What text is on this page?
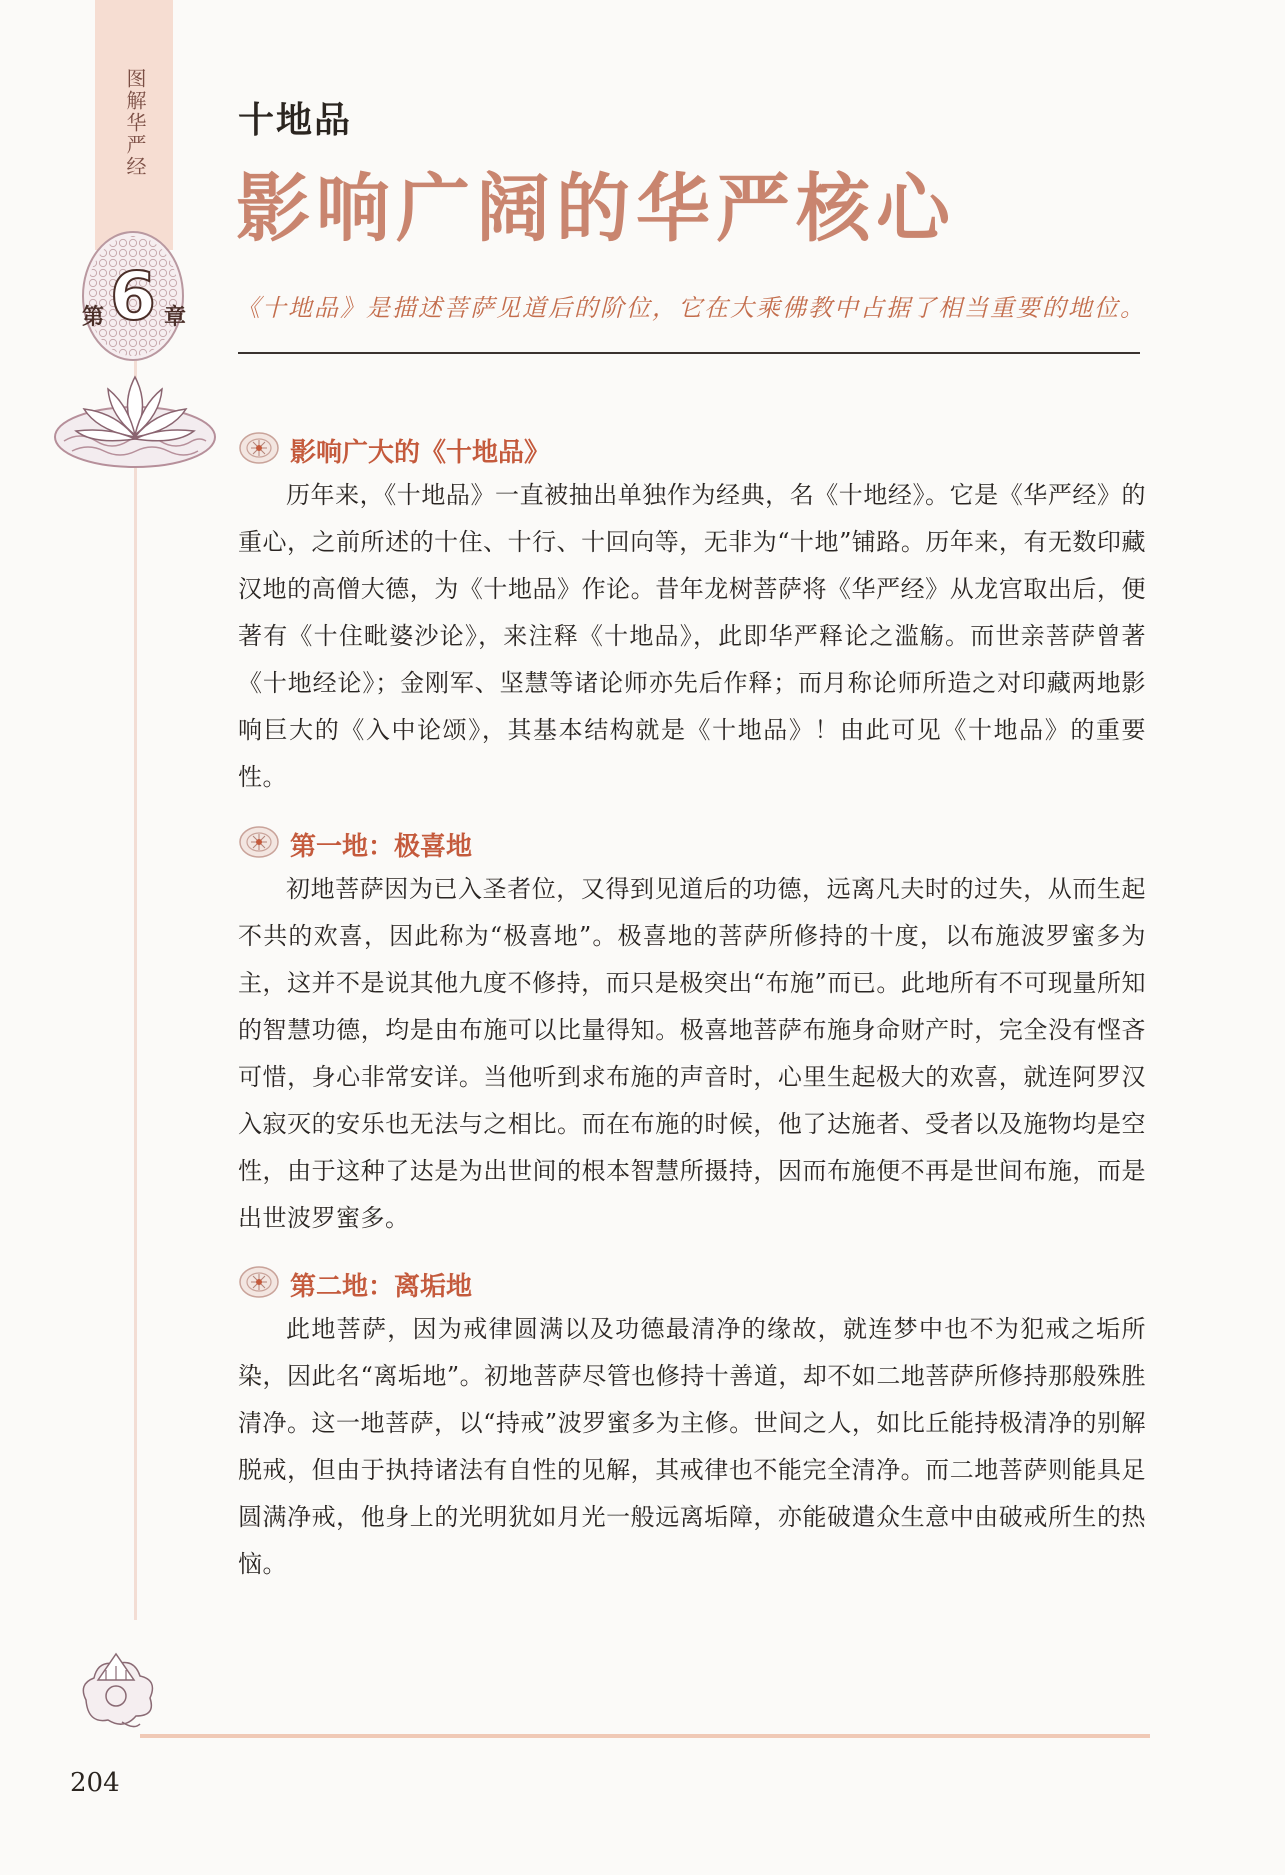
图解华严经
第 6 章
十地品
影响广阔的华严核心
《十地品》是描述菩萨见道后的阶位，它在大乘佛教中占据了相当重要的地位。
影响广大的《十地品》

历年来，《十地品》一直被抽出单独作为经典，名《十地经》。它是《华严经》的重心，之前所述的十住、十行、十回向等，无非为“十地”铺路。历年来，有无数印藏汉地的高僧大德，为《十地品》作论。昔年龙树菩萨将《华严经》从龙宫取出后，便著有《十住毗婆沙论》，来注释《十地品》，此即华严释论之滥觞。而世亲菩萨曾著《十地经论》；金刚军、坚慧等诸论师亦先后作释；而月称论师所造之对印藏两地影响巨大的《入中论颂》，其基本结构就是《十地品》！由此可见《十地品》的重要性。

第一地：极喜地

初地菩萨因为已入圣者位，又得到见道后的功德，远离凡夫时的过失，从而生起不共的欢喜，因此称为“极喜地”。极喜地的菩萨所修持的十度，以布施波罗蜜多为主，这并不是说其他九度不修持，而只是极突出“布施”而已。此地所有不可现量所知的智慧功德，均是由布施可以比量得知。极喜地菩萨布施身命财产时，完全没有悭吝可惜，身心非常安详。当他听到求布施的声音时，心里生起极大的欢喜，就连阿罗汉入寂灭的安乐也无法与之相比。而在布施的时候，他了达施者、受者以及施物均是空性，由于这种了达是为出世间的根本智慧所摄持，因而布施便不再是世间布施，而是出世波罗蜜多。

第二地：离垢地

此地菩萨，因为戒律圆满以及功德最清净的缘故，就连梦中也不为犯戒之垢所染，因此名“离垢地”。初地菩萨尽管也修持十善道，却不如二地菩萨所修持那般殊胜清净。这一地菩萨，以“持戒”波罗蜜多为主修。世间之人，如比丘能持极清净的别解脱戒，但由于执持诸法有自性的见解，其戒律也不能完全清净。而二地菩萨则能具足圆满净戒，他身上的光明犹如月光一般远离垢障，亦能破遣众生意中由破戒所生的热恼。

204
